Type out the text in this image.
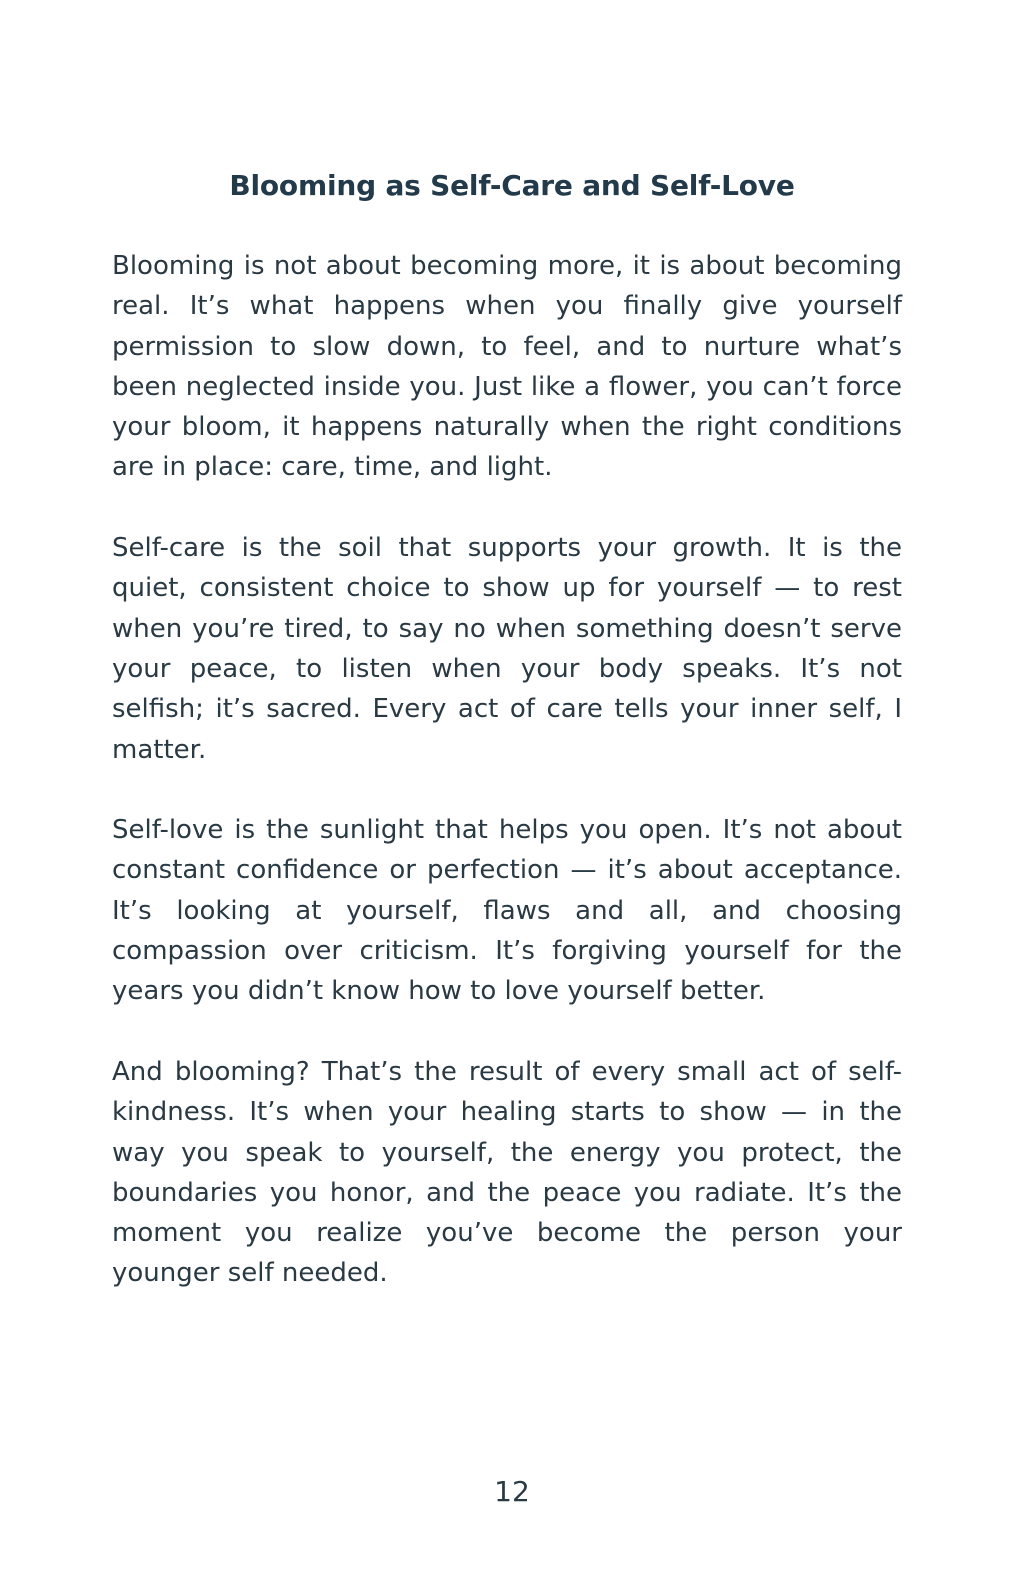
Blooming as Self-Care and Self-Love

Blooming is not about becoming more, it is about becoming real. It’s what happens when you finally give yourself permission to slow down, to feel, and to nurture what’s been neglected inside you. Just like a flower, you can’t force your bloom, it happens naturally when the right conditions are in place: care, time, and light.

Self-care is the soil that supports your growth. It is the quiet, consistent choice to show up for yourself — to rest when you’re tired, to say no when something doesn’t serve your peace, to listen when your body speaks. It’s not selfish; it’s sacred. Every act of care tells your inner self, I matter.

Self-love is the sunlight that helps you open. It’s not about constant confidence or perfection — it’s about acceptance. It’s looking at yourself, flaws and all, and choosing compassion over criticism. It’s forgiving yourself for the years you didn’t know how to love yourself better.

And blooming? That’s the result of every small act of self-kindness. It’s when your healing starts to show — in the way you speak to yourself, the energy you protect, the boundaries you honor, and the peace you radiate. It’s the moment you realize you’ve become the person your younger self needed.

12
